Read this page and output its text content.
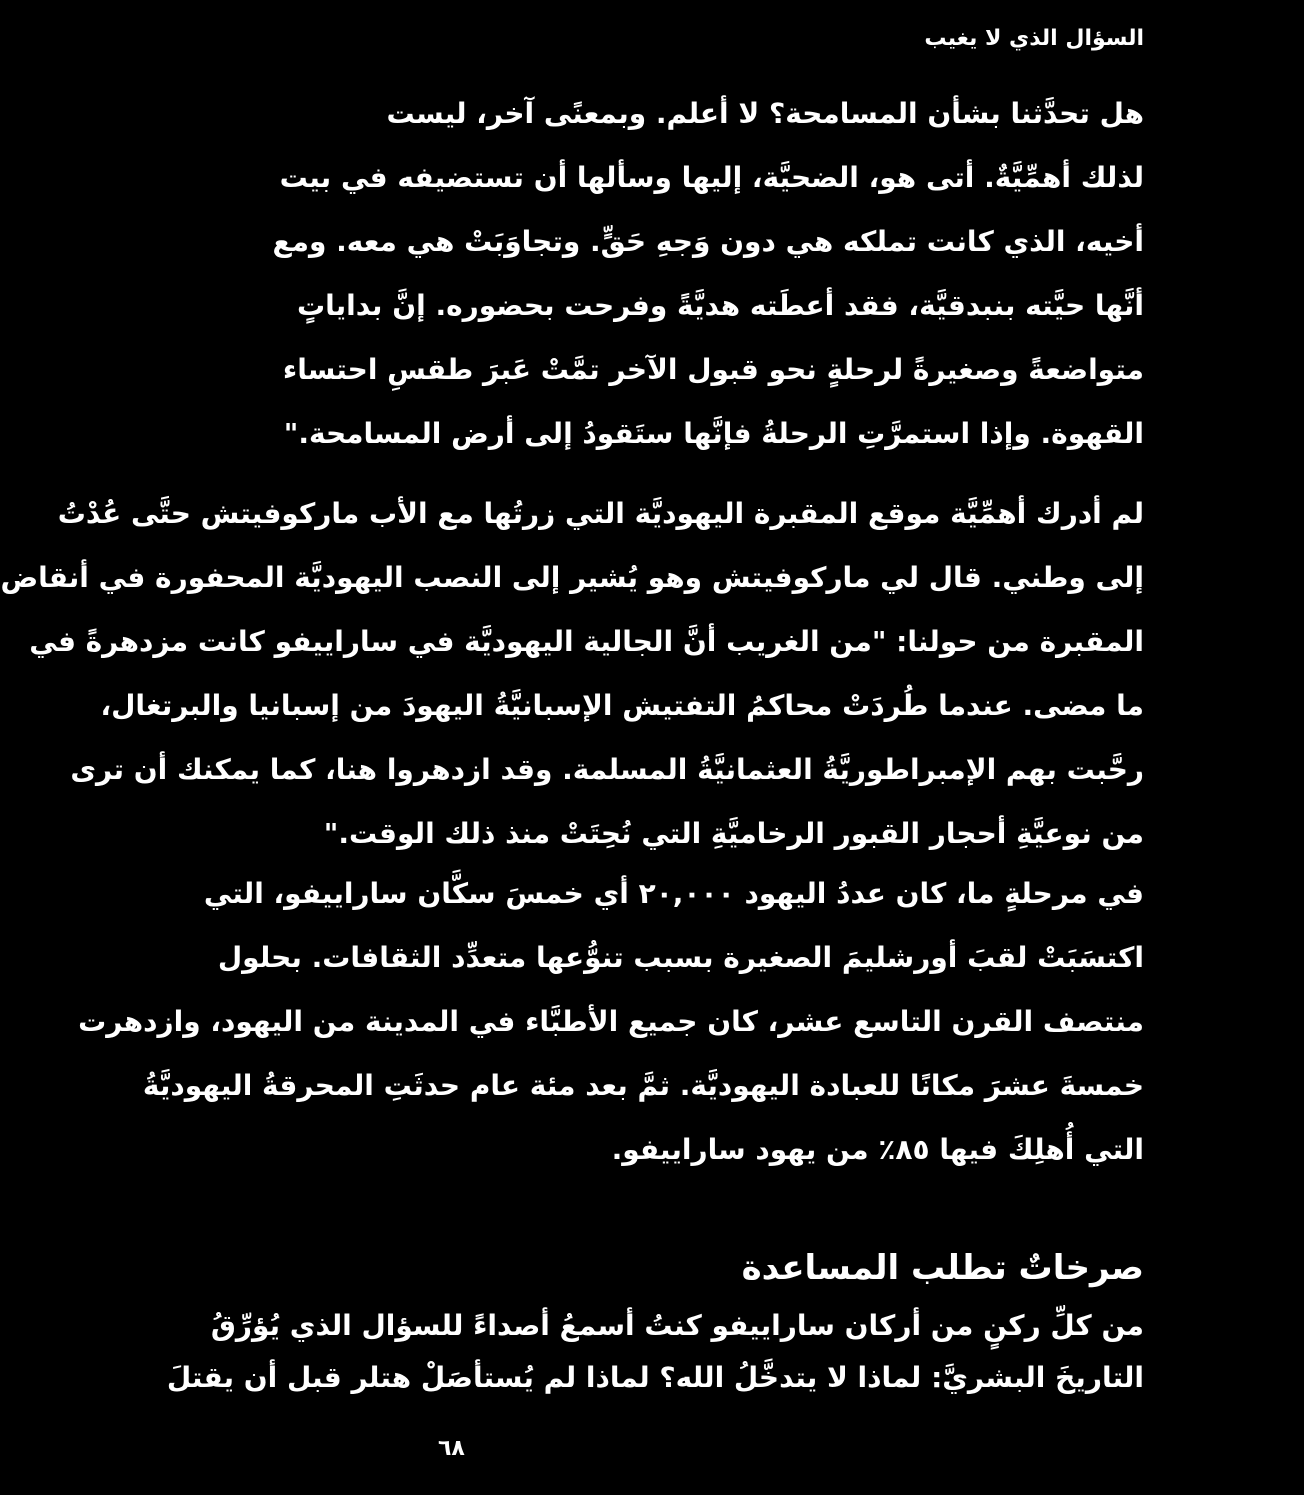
السؤال الذي لا يغيب

هل تحدَّثنا بشأن المسامحة؟ لا أعلم. وبمعنًى آخر، ليست

لذلك أهمِّيَّةٌ. أتى هو، الضحيَّة، إليها وسألها أن تستضيفه في بيت

أخيه، الذي كانت تملكه هي دون وَجهِ حَقٍّ. وتجاوَبَتْ هي معه. ومع

أنَّها حيَّته بنبدقيَّة، فقد أعطَته هديَّةً وفرحت بحضوره. إنَّ بداياتٍ

متواضعةً وصغيرةً لرحلةٍ نحو قبول الآخر تمَّتْ عَبرَ طقسِ احتساء

القهوة. وإذا استمرَّتِ الرحلةُ فإنَّها ستَقودُ إلى أرض المسامحة."

لم أدرك أهمِّيَّة موقع المقبرة اليهوديَّة التي زرتُها مع الأب ماركوفيتش حتَّى عُدْتُ

إلى وطني. قال لي ماركوفيتش وهو يُشير إلى النصب اليهوديَّة المحفورة في أنقاض

المقبرة من حولنا: "من الغريب أنَّ الجالية اليهوديَّة في ساراييفو كانت مزدهرةً في

ما مضى. عندما طُردَتْ محاكمُ التفتيش الإسبانيَّةُ اليهودَ من إسبانيا والبرتغال،

رحَّبت بهم الإمبراطوريَّةُ العثمانيَّةُ المسلمة. وقد ازدهروا هنا، كما يمكنك أن ترى

من نوعيَّةِ أحجار القبور الرخاميَّةِ التي نُحِتَتْ منذ ذلك الوقت."

في مرحلةٍ ما، كان عددُ اليهود ٢٠,٠٠٠ أي خمسَ سكَّان ساراييفو، التي

اكتسَبَتْ لقبَ أورشليمَ الصغيرة بسبب تنوُّعها متعدِّد الثقافات. بحلول

منتصف القرن التاسع عشر، كان جميع الأطبَّاء في المدينة من اليهود، وازدهرت

خمسةَ عشرَ مكانًا للعبادة اليهوديَّة. ثمَّ بعد مئة عام حدثَتِ المحرقةُ اليهوديَّةُ

التي أُهلِكَ فيها ٨٥٪ من يهود ساراييفو.

صرخاتٌ تطلب المساعدة

من كلِّ ركنٍ من أركان ساراييفو كنتُ أسمعُ أصداءً للسؤال الذي يُؤرِّقُ

التاريخَ البشريَّ: لماذا لا يتدخَّلُ الله؟ لماذا لم يُستأصَلْ هتلر قبل أن يقتلَ

٦٨
